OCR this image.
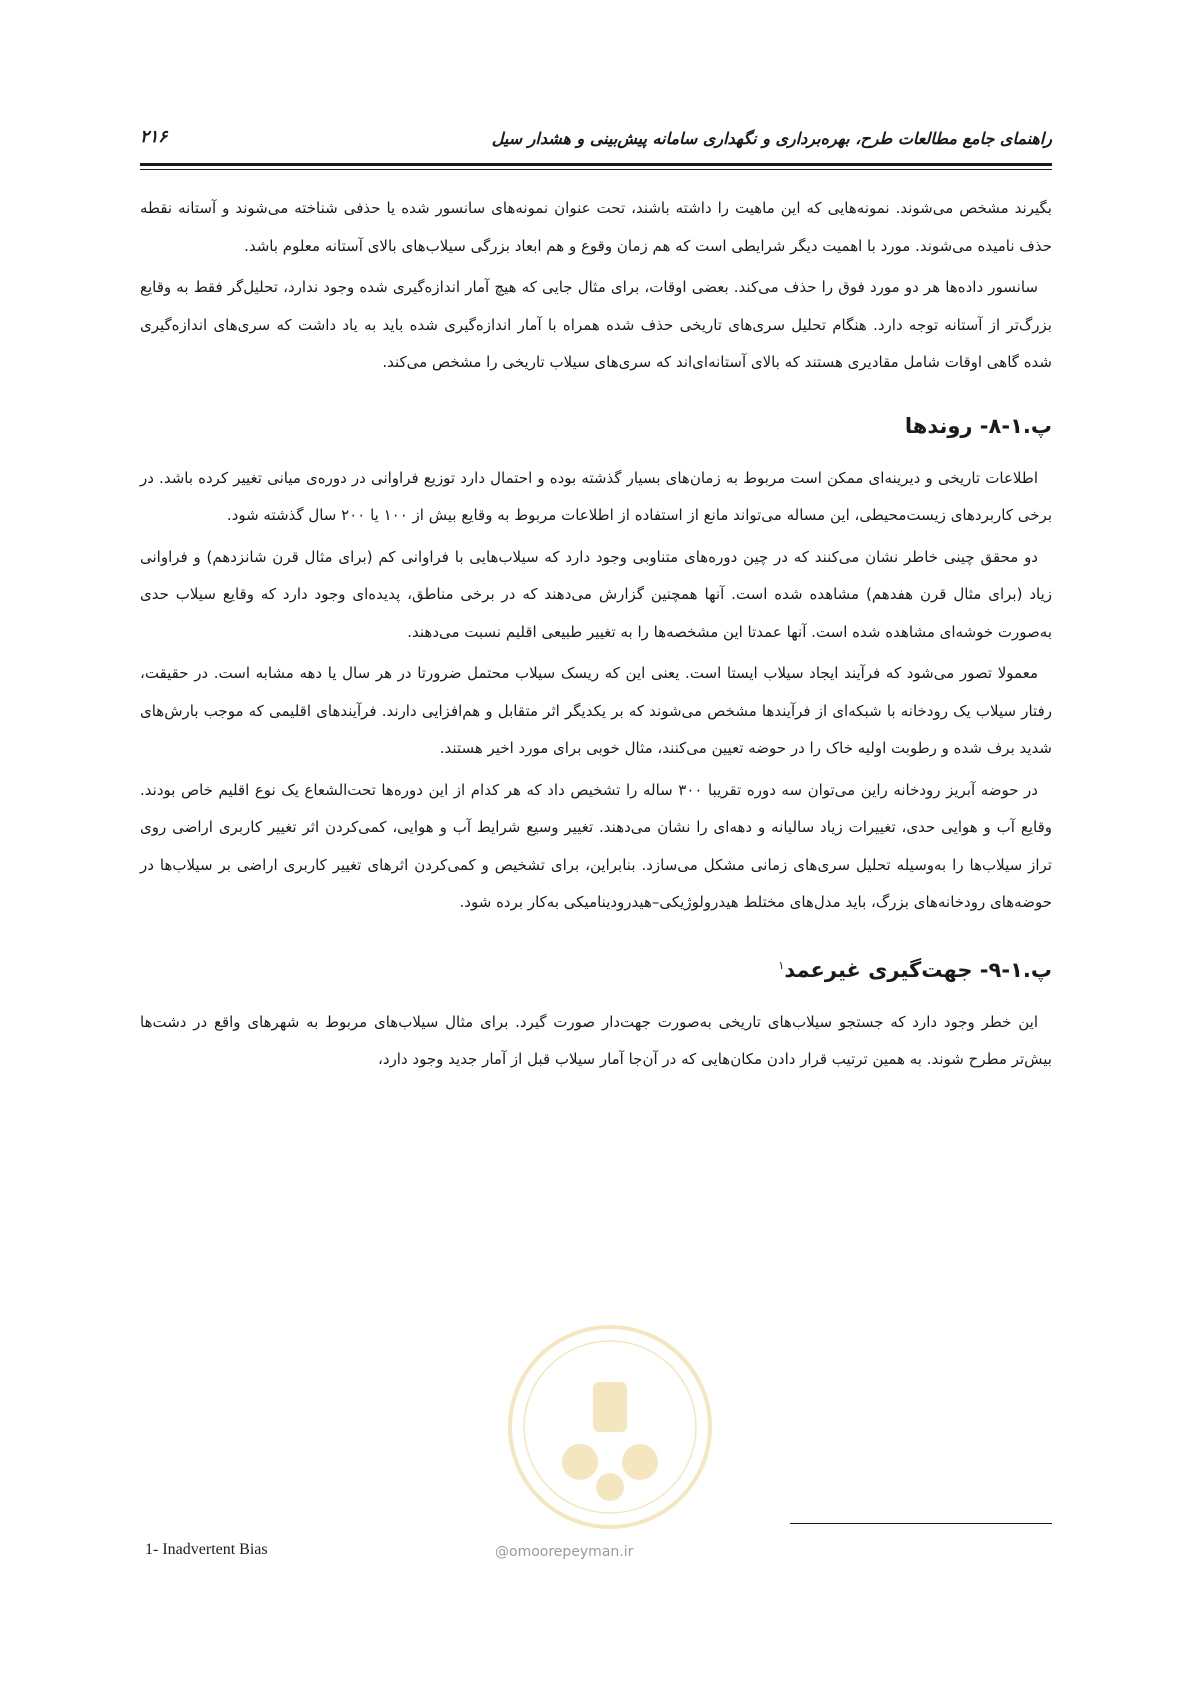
راهنمای جامع مطالعات طرح، بهره‌برداری و نگهداری سامانه پیش‌بینی و هشدار سیل
۲۱۶

بگیرند مشخص می‌شوند. نمونه‌هایی که این ماهیت را داشته باشند، تحت عنوان نمونه‌های سانسور شده یا حذفی شناخته می‌شوند و آستانه نقطه حذف نامیده می‌شوند. مورد با اهمیت دیگر شرایطی است که هم زمان وقوع و هم ابعاد بزرگی سیلاب‌های بالای آستانه معلوم باشد.

سانسور داده‌ها هر دو مورد فوق را حذف می‌کند. بعضی اوقات، برای مثال جایی که هیچ آمار اندازه‌گیری شده وجود ندارد، تحلیل‌گر فقط به وقایع بزرگ‌تر از آستانه توجه دارد. هنگام تحلیل سری‌های تاریخی حذف شده همراه با آمار اندازه‌گیری شده باید به یاد داشت که سری‌های اندازه‌گیری شده گاهی اوقات شامل مقادیری هستند که بالای آستانه‌ای‌اند که سری‌های سیلاب تاریخی را مشخص می‌کند.

پ.۱-۸- روندها

اطلاعات تاریخی و دیرینه‌ای ممکن است مربوط به زمان‌های بسیار گذشته بوده و احتمال دارد توزیع فراوانی در دوره‌ی میانی تغییر کرده باشد. در برخی کاربردهای زیست‌محیطی، این مساله می‌تواند مانع از استفاده از اطلاعات مربوط به وقایع بیش از ۱۰۰ یا ۲۰۰ سال گذشته شود.

دو محقق چینی خاطر نشان می‌کنند که در چین دوره‌های متناوبی وجود دارد که سیلاب‌هایی با فراوانی کم (برای مثال قرن شانزدهم) و فراوانی زیاد (برای مثال قرن هفدهم) مشاهده شده است. آنها همچنین گزارش می‌دهند که در برخی مناطق، پدیده‌ای وجود دارد که وقایع سیلاب حدی به‌صورت خوشه‌ای مشاهده شده است. آنها عمدتا این مشخصه‌ها را به تغییر طبیعی اقلیم نسبت می‌دهند.

معمولا تصور می‌شود که فرآیند ایجاد سیلاب ایستا است. یعنی این که ریسک سیلاب محتمل ضرورتا در هر سال یا دهه مشابه است. در حقیقت، رفتار سیلاب یک رودخانه با شبکه‌ای از فرآیندها مشخص می‌شوند که بر یکدیگر اثر متقابل و هم‌افزایی دارند. فرآیندهای اقلیمی که موجب بارش‌های شدید برف شده و رطوبت اولیه خاک را در حوضه تعیین می‌کنند، مثال خوبی برای مورد اخیر هستند.

در حوضه آبریز رودخانه راین می‌توان سه دوره تقریبا ۳۰۰ ساله را تشخیص داد که هر کدام از این دوره‌ها تحت‌الشعاع یک نوع اقلیم خاص بودند. وقایع آب و هوایی حدی، تغییرات زیاد سالیانه و دهه‌ای را نشان می‌دهند. تغییر وسیع شرایط آب و هوایی، کمی‌کردن اثر تغییر کاربری اراضی روی تراز سیلاب‌ها را به‌وسیله تحلیل سری‌های زمانی مشکل می‌سازد. بنابراین، برای تشخیص و کمی‌کردن اثرهای تغییر کاربری اراضی بر سیلاب‌ها در حوضه‌های رودخانه‌های بزرگ، باید مدل‌های مختلط هیدرولوژیکی–هیدرودینامیکی به‌کار برده شود.

پ.۱-۹- جهت‌گیری غیرعمد$^۱$

این خطر وجود دارد که جستجو سیلاب‌های تاریخی به‌صورت جهت‌دار صورت گیرد. برای مثال سیلاب‌های مربوط به شهرهای واقع در دشت‌ها بیش‌تر مطرح شوند. به همین ترتیب قرار دادن مکان‌هایی که در آن‌جا آمار سیلاب قبل از آمار جدید وجود دارد،

@omoorepeyman.ir
1- Inadvertent Bias
